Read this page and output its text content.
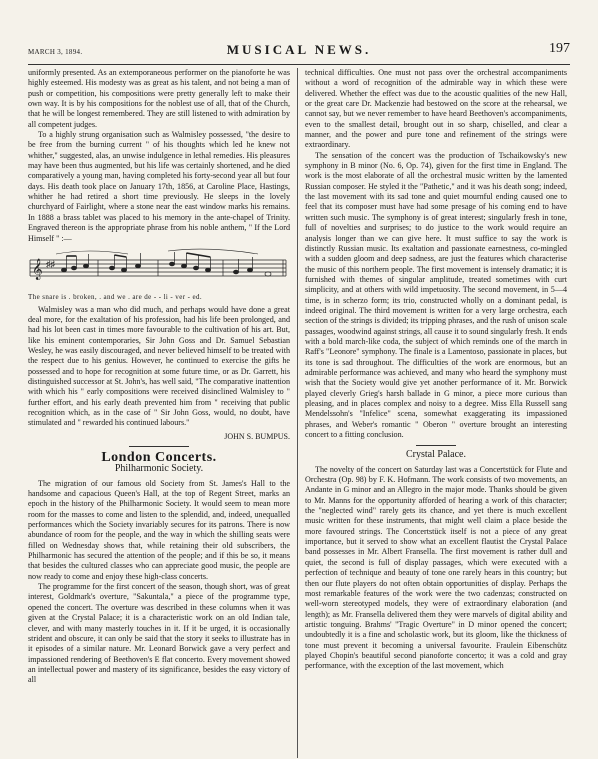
MARCH 3, 1894.	MUSICAL NEWS.	197

uniformly presented. As an extemporaneous performer on the pianoforte he was highly esteemed. His modesty was as great as his talent, and not being a man of push or competition, his compositions were pretty generally left to make their own way. It is by his compositions for the noblest use of all, that of the Church, that he will be longest remembered. They are still listened to with admiration by all competent judges.

To a highly strung organisation such as Walmisley possessed, "the desire to be free from the burning current " of his thoughts which led he knew not whither," suggested, alas, an unwise indulgence in lethal remedies. His pleasures may have been thus augmented, but his life was certainly shortened, and he died comparatively a young man, having completed his forty-second year all but four days. His death took place on January 17th, 1856, at Caroline Place, Hastings, whither he had retired a short time previously. He sleeps in the lovely churchyard of Fairlight, where a stone near the east window marks his remains. In 1888 a brass tablet was placed to his memory in the ante-chapel of Trinity. Engraved thereon is the appropriate phrase from his noble anthem, " If the Lord Himself " :—

𝄞 ♯♯
The snare is . broken, . and we . are de - - li - ver - ed.

Walmisley was a man who did much, and perhaps would have done a great deal more, for the exaltation of his profession, had his life been prolonged, and had his lot been cast in times more favourable to the cultivation of his art. But, like his eminent contemporaries, Sir John Goss and Dr. Samuel Sebastian Wesley, he was easily discouraged, and never believed himself to be treated with the respect due to his genius. However, he continued to exercise the gifts he possessed and to hope for recognition at some future time, or as Dr. Garrett, his distinguished successor at St. John's, has well said, "The comparative inattention with which his " early compositions were received disinclined Walmisley to " further effort, and his early death prevented him from " receiving that public recognition which, as in the case of " Sir John Goss, would, no doubt, have stimulated and " rewarded his continued labours."

JOHN S. BUMPUS.
London Concerts.
Philharmonic Society.

The migration of our famous old Society from St. James's Hall to the handsome and capacious Queen's Hall, at the top of Regent Street, marks an epoch in the history of the Philharmonic Society. It would seem to mean more room for the masses to come and listen to the splendid, and, indeed, unequalled performances which the Society invariably secures for its patrons. There is now abundance of room for the people, and the way in which the shilling seats were filled on Wednesday shows that, while retaining their old subscribers, the Philharmonic has secured the attention of the people; and if this be so, it means that besides the cultured classes who can appreciate good music, the people are now ready to come and enjoy these high-class concerts.

The programme for the first concert of the season, though short, was of great interest, Goldmark's overture, "Sakuntala," a piece of the programme type, opened the concert. The overture was described in these columns when it was given at the Crystal Palace; it is a characteristic work on an old Indian tale, clever, and with many masterly touches in it. If it be urged, it is occasionally strident and obscure, it can only be said that the story it seeks to illustrate has in it episodes of a similar nature. Mr. Leonard Borwick gave a very perfect and impassioned rendering of Beethoven's E flat concerto. Every movement showed an intellectual power and mastery of its significance, besides the easy victory of all

technical difficulties. One must not pass over the orchestral accompaniments without a word of recognition of the admirable way in which these were delivered. Whether the effect was due to the acoustic qualities of the new Hall, or the great care Dr. Mackenzie had bestowed on the score at the rehearsal, we cannot say, but we never remember to have heard Beethoven's accompaniments, even to the smallest detail, brought out in so sharp, chiselled, and clear a manner, and the power and pure tone and refinement of the strings were extraordinary.

The sensation of the concert was the production of Tschaikowsky's new symphony in B minor (No. 6, Op. 74), given for the first time in England. The work is the most elaborate of all the orchestral music written by the lamented Russian composer. He styled it the "Pathetic," and it was his death song; indeed, the last movement with its sad tone and quiet mournful ending caused one to feel that its composer must have had some presage of his coming end to have written such music. The symphony is of great interest; singularly fresh in tone, full of novelties and surprises; to do justice to the work would require an analysis longer than we can give here. It must suffice to say the work is distinctly Russian music. Its exaltation and passionate earnestness, co-mingled with a sudden gloom and deep sadness, are just the features which characterise the music of this northern people. The first movement is intensely dramatic; it is furnished with themes of singular amplitude, treated sometimes with curt simplicity, and at others with wild impetuosity. The second movement, in 5—4 time, is in scherzo form; its trio, constructed wholly on a dominant pedal, is indeed original. The third movement is written for a very large orchestra, each section of the strings is divided; its tripping phrases, and the rush of unison scale passages, woodwind against strings, all cause it to sound singularly fresh. It ends with a bold march-like coda, the subject of which reminds one of the march in Raff's "Leonore" symphony. The finale is a Lamentoso, passionate in places, but its tone is sad throughout. The difficulties of the work are enormous, but an admirable performance was achieved, and many who heard the symphony must wish that the Society would give yet another performance of it. Mr. Borwick played cleverly Grieg's harsh ballade in G minor, a piece more curious than pleasing, and in places complex and noisy to a degree. Miss Ella Russell sang Mendelssohn's "Infelice" scena, somewhat exaggerating its impassioned phrases, and Weber's romantic " Oberon " overture brought an interesting concert to a fitting conclusion.

Crystal Palace.

The novelty of the concert on Saturday last was a Concertstück for Flute and Orchestra (Op. 98) by F. K. Hofmann. The work consists of two movements, an Andante in G minor and an Allegro in the major mode. Thanks should be given to Mr. Manns for the opportunity afforded of hearing a work of this character; the "neglected wind" rarely gets its chance, and yet there is much excellent music written for these instruments, that might well claim a place beside the more favoured strings. The Concertstück itself is not a piece of any great importance, but it served to show what an excellent flautist the Crystal Palace band possesses in Mr. Albert Fransella. The first movement is rather dull and quiet, the second is full of display passages, which were executed with a perfection of technique and beauty of tone one rarely hears in this country; but then our flute players do not often obtain opportunities of display. Perhaps the most remarkable features of the work were the two cadenzas; constructed on well-worn stereotyped models, they were of extraordinary elaboration (and length); as Mr. Fransella delivered them they were marvels of digital ability and artistic tonguing. Brahms' "Tragic Overture" in D minor opened the concert; undoubtedly it is a fine and scholastic work, but its gloom, like the thickness of tone must prevent it becoming a universal favourite. Fraulein Eibenschütz played Chopin's beautiful second pianoforte concerto; it was a cold and gray performance, with the exception of the last movement, which
